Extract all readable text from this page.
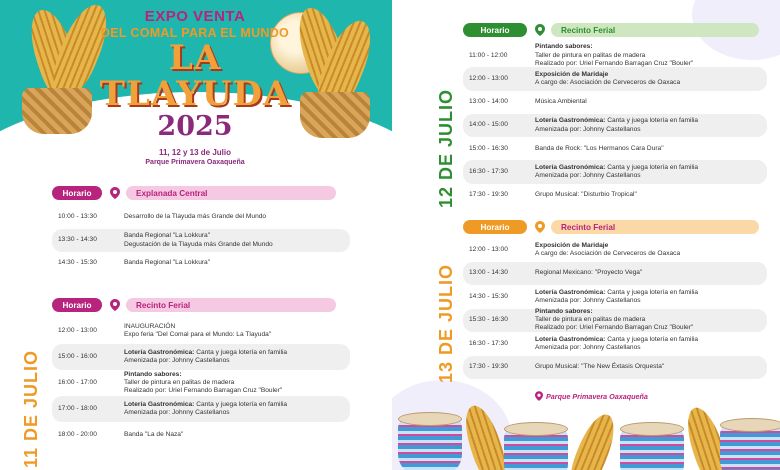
EXPO VENTA
DEL COMAL PARA EL MUNDO
LA TLAYUDA
2025
11, 12 y 13 de Julio
Parque Primavera Oaxaqueña
11 DE JULIO
Horario	Explanada Central
10:00 - 13:30	Desarrollo de la Tlayuda más Grande del Mundo
13:30 - 14:30
Banda Regional "La Lokkura"
Degustación de la Tlayuda más Grande del Mundo
14:30 - 15:30	Banda Regional "La Lokkura"
Horario	Recinto Ferial
12:00 - 13:00
INAUGURACIÓN
Expo feria "Del Comal para el Mundo: La Tlayuda"
15:00 - 16:00
Lotería Gastronómica: Canta y juega lotería en familia
Amenizada por: Johnny Castellanos
16:00 - 17:00
Pintando sabores:
Taller de pintura en palitas de madera
Realizado por: Uriel Fernando Barragan Cruz "Bouler"
17:00 - 18:00
Lotería Gastronómica: Canta y juega lotería en familia
Amenizada por: Johnny Castellanos
18:00 - 20:00	Banda "La de Naza"
12 DE JULIO
13 DE JULIO
Horario	Recinto Ferial
11:00 - 12:00
Pintando sabores:
Taller de pintura en palitas de madera
Realizado por: Uriel Fernando Barragan Cruz "Bouler"
12:00 - 13:00
Exposición de Maridaje
A cargo de: Asociación de Cerveceros de Oaxaca
13:00 - 14:00	Música Ambiental
14:00 - 15:00
Lotería Gastronómica: Canta y juega lotería en familia
Amenizada por: Johnny Castellanos
15:00 - 16:30	Banda de Rock: "Los Hermanos Cara Dura"
16:30 - 17:30
Lotería Gastronómica: Canta y juega lotería en familia
Amenizada por: Johnny Castellanos
17:30 - 19:30	Grupo Musical: "Disturbio Tropical"
Horario	Recinto Ferial
12:00 - 13:00
Exposición de Maridaje
A cargo de: Asociación de Cerveceros de Oaxaca
13:00 - 14:30	Regional Mexicano: "Proyecto Vega"
14:30 - 15:30
Lotería Gastronómica: Canta y juega lotería en familia
Amenizada por: Johnny Castellanos
15:30 - 16:30
Pintando sabores:
Taller de pintura en palitas de madera
Realizado por: Uriel Fernando Barragan Cruz "Bouler"
16:30 - 17:30
Lotería Gastronómica: Canta y juega lotería en familia
Amenizada por: Johnny Castellanos
17:30 - 19:30	Grupo Musical: "The New Éxtasis Orquesta"
Parque Primavera Oaxaqueña
